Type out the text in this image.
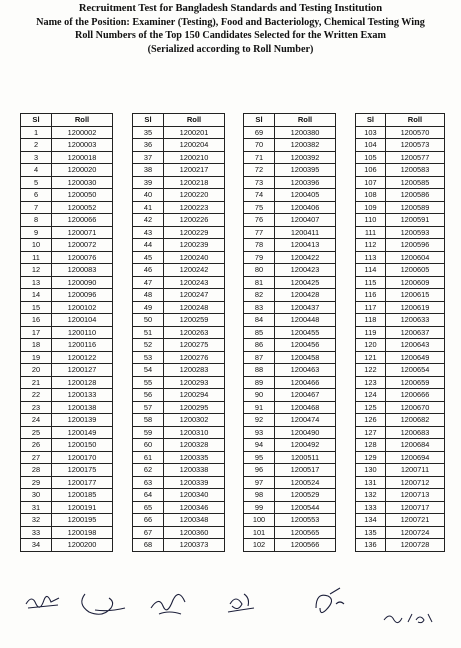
Recruitment Test for Bangladesh Standards and Testing Institution
Name of the Position: Examiner (Testing), Food and Bacteriology, Chemical Testing Wing
Roll Numbers of the Top 150 Candidates Selected for the Written Exam
(Serialized according to Roll Number)
Sl	Roll
1	1200002
2	1200003
3	1200018
4	1200020
5	1200030
6	1200050
7	1200052
8	1200066
9	1200071
10	1200072
11	1200076
12	1200083
13	1200090
14	1200096
15	1200102
16	1200104
17	1200110
18	1200116
19	1200122
20	1200127
21	1200128
22	1200133
23	1200138
24	1200139
25	1200149
26	1200150
27	1200170
28	1200175
29	1200177
30	1200185
31	1200191
32	1200195
33	1200198
34	1200200
Sl	Roll
35	1200201
36	1200204
37	1200210
38	1200217
39	1200218
40	1200220
41	1200223
42	1200226
43	1200229
44	1200239
45	1200240
46	1200242
47	1200243
48	1200247
49	1200248
50	1200259
51	1200263
52	1200275
53	1200276
54	1200283
55	1200293
56	1200294
57	1200295
58	1200302
59	1200310
60	1200328
61	1200335
62	1200338
63	1200339
64	1200340
65	1200346
66	1200348
67	1200360
68	1200373
Sl	Roll
69	1200380
70	1200382
71	1200392
72	1200395
73	1200396
74	1200405
75	1200406
76	1200407
77	1200411
78	1200413
79	1200422
80	1200423
81	1200425
82	1200428
83	1200437
84	1200448
85	1200455
86	1200456
87	1200458
88	1200463
89	1200466
90	1200467
91	1200468
92	1200474
93	1200490
94	1200492
95	1200511
96	1200517
97	1200524
98	1200529
99	1200544
100	1200553
101	1200565
102	1200566
Sl	Roll
103	1200570
104	1200573
105	1200577
106	1200583
107	1200585
108	1200586
109	1200589
110	1200591
111	1200593
112	1200596
113	1200604
114	1200605
115	1200609
116	1200615
117	1200619
118	1200633
119	1200637
120	1200643
121	1200649
122	1200654
123	1200659
124	1200666
125	1200670
126	1200682
127	1200683
128	1200684
129	1200694
130	1200711
131	1200712
132	1200713
133	1200717
134	1200721
135	1200724
136	1200728
